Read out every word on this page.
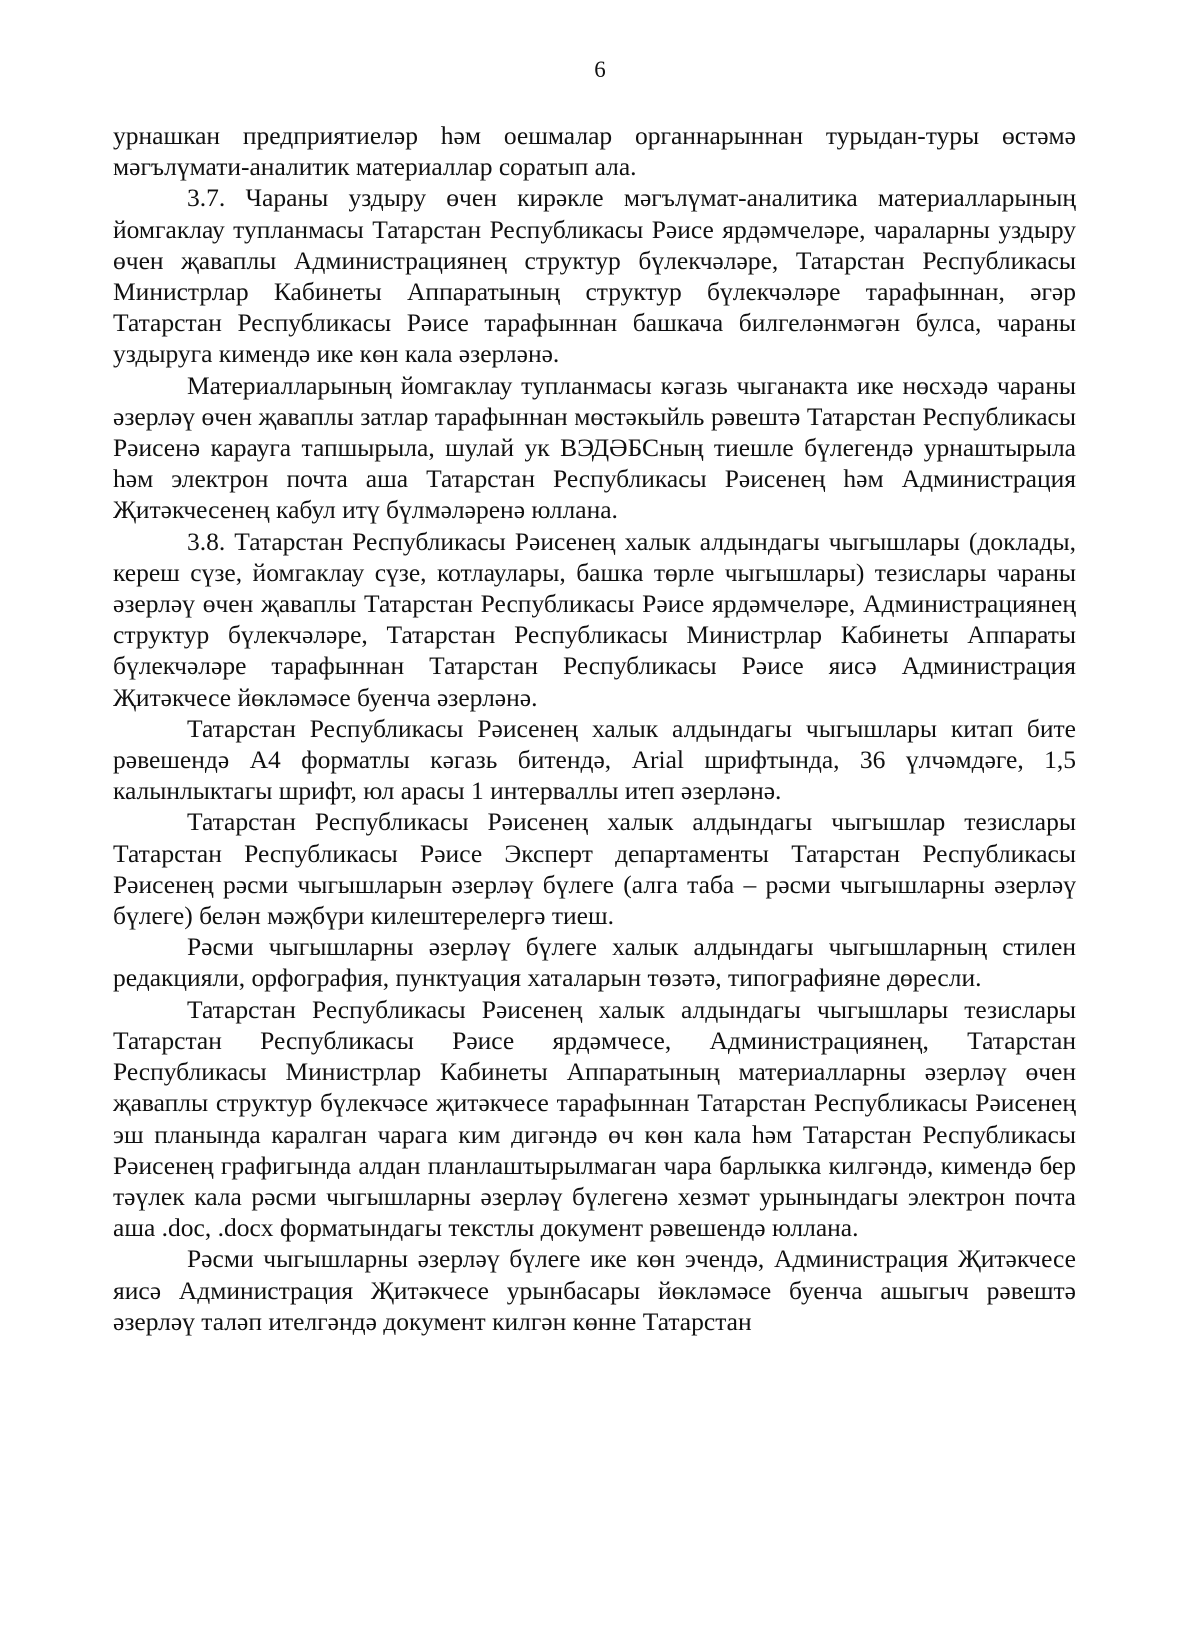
6

урнашкан предприятиеләр һәм оешмалар органнарыннан турыдан-туры өстәмә мәгълүмати-аналитик материаллар соратып ала.

3.7. Чараны уздыру өчен кирәкле мәгълүмат-аналитика материалларының йомгаклау тупланмасы Татарстан Республикасы Рәисе ярдәмчеләре, чараларны уздыру өчен җаваплы Администрациянең структур бүлекчәләре, Татарстан Республикасы Министрлар Кабинеты Аппаратының структур бүлекчәләре тарафыннан, әгәр Татарстан Республикасы Рәисе тарафыннан башкача билгеләнмәгән булса, чараны уздыруга кимендә ике көн кала әзерләнә.

Материалларының йомгаклау тупланмасы кәгазь чыганакта ике нөсхәдә чараны әзерләү өчен җаваплы затлар тарафыннан мөстәкыйль рәвештә Татарстан Республикасы Рәисенә карауга тапшырыла, шулай ук ВЭДӘБСның тиешле бүлегендә урнаштырыла һәм электрон почта аша Татарстан Республикасы Рәисенең һәм Администрация Җитәкчесенең кабул итү бүлмәләренә юллана.

3.8. Татарстан Республикасы Рәисенең халык алдындагы чыгышлары (доклады, кереш сүзе, йомгаклау сүзе, котлаулары, башка төрле чыгышлары) тезислары чараны әзерләү өчен җаваплы Татарстан Республикасы Рәисе ярдәмчеләре, Администрациянең структур бүлекчәләре, Татарстан Республикасы Министрлар Кабинеты Аппараты бүлекчәләре тарафыннан Татарстан Республикасы Рәисе яисә Администрация Җитәкчесе йөкләмәсе буенча әзерләнә.

Татарстан Республикасы Рәисенең халык алдындагы чыгышлары китап бите рәвешендә А4 форматлы кәгазь битендә, Arial шрифтында, 36 үлчәмдәге, 1,5 калынлыктагы шрифт, юл арасы 1 интерваллы итеп әзерләнә.

Татарстан Республикасы Рәисенең халык алдындагы чыгышлар тезислары Татарстан Республикасы Рәисе Эксперт департаменты Татарстан Республикасы Рәисенең рәсми чыгышларын әзерләү бүлеге (алга таба – рәсми чыгышларны әзерләү бүлеге) белән мәҗбүри килештерелергә тиеш.

Рәсми чыгышларны әзерләү бүлеге халык алдындагы чыгышларның стилен редакцияли, орфография, пунктуация хаталарын төзәтә, типографияне дөресли.

Татарстан Республикасы Рәисенең халык алдындагы чыгышлары тезислары Татарстан Республикасы Рәисе ярдәмчесе, Администрациянең, Татарстан Республикасы Министрлар Кабинеты Аппаратының материалларны әзерләү өчен җаваплы структур бүлекчәсе җитәкчесе тарафыннан Татарстан Республикасы Рәисенең эш планында каралган чарага ким дигәндә өч көн кала һәм Татарстан Республикасы Рәисенең графигында алдан планлаштырылмаган чара барлыкка килгәндә, кимендә бер тәүлек кала рәсми чыгышларны әзерләү бүлегенә хезмәт урынындагы электрон почта аша .doc, .docx форматындагы текстлы документ рәвешендә юллана.

Рәсми чыгышларны әзерләү бүлеге ике көн эчендә, Администрация Җитәкчесе яисә Администрация Җитәкчесе урынбасары йөкләмәсе буенча ашыгыч рәвештә әзерләү таләп ителгәндә документ килгән көнне Татарстан
